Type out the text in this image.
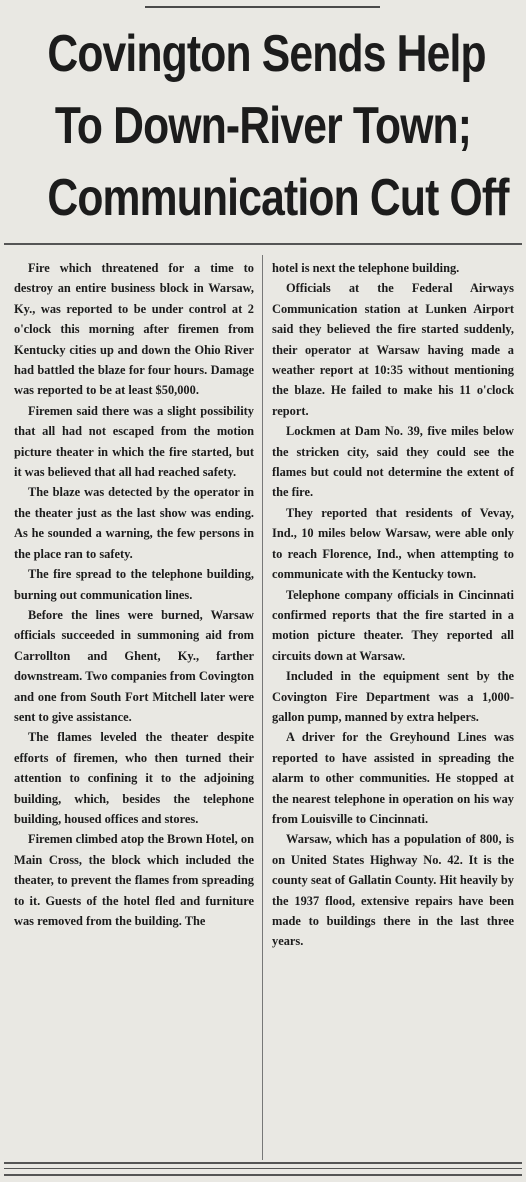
Covington Sends Help
To Down-River Town;
Communication Cut Off

Fire which threatened for a time to destroy an entire business block in Warsaw, Ky., was reported to be under control at 2 o'clock this morning after firemen from Kentucky cities up and down the Ohio River had battled the blaze for four hours. Damage was reported to be at least $50,000.

Firemen said there was a slight possibility that all had not escaped from the motion picture theater in which the fire started, but it was believed that all had reached safety.

The blaze was detected by the operator in the theater just as the last show was ending. As he sounded a warning, the few persons in the place ran to safety.

The fire spread to the telephone building, burning out communication lines.

Before the lines were burned, Warsaw officials succeeded in summoning aid from Carrollton and Ghent, Ky., farther downstream. Two companies from Covington and one from South Fort Mitchell later were sent to give assistance.

The flames leveled the theater despite efforts of firemen, who then turned their attention to confining it to the adjoining building, which, besides the telephone building, housed offices and stores.

Firemen climbed atop the Brown Hotel, on Main Cross, the block which included the theater, to prevent the flames from spreading to it. Guests of the hotel fled and furniture was removed from the building. The

hotel is next the telephone building.

Officials at the Federal Airways Communication station at Lunken Airport said they believed the fire started suddenly, their operator at Warsaw having made a weather report at 10:35 without mentioning the blaze. He failed to make his 11 o'clock report.

Lockmen at Dam No. 39, five miles below the stricken city, said they could see the flames but could not determine the extent of the fire.

They reported that residents of Vevay, Ind., 10 miles below Warsaw, were able only to reach Florence, Ind., when attempting to communicate with the Kentucky town.

Telephone company officials in Cincinnati confirmed reports that the fire started in a motion picture theater. They reported all circuits down at Warsaw.

Included in the equipment sent by the Covington Fire Department was a 1,000-gallon pump, manned by extra helpers.

A driver for the Greyhound Lines was reported to have assisted in spreading the alarm to other communities. He stopped at the nearest telephone in operation on his way from Louisville to Cincinnati.

Warsaw, which has a population of 800, is on United States Highway No. 42. It is the county seat of Gallatin County. Hit heavily by the 1937 flood, extensive repairs have been made to buildings there in the last three years.
